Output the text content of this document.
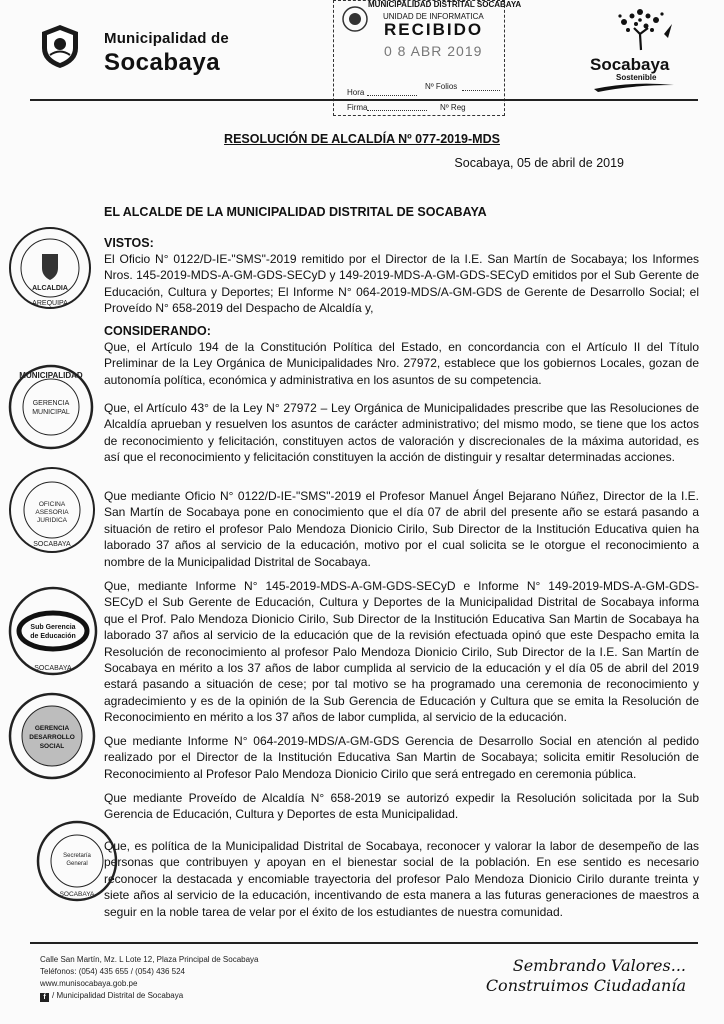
Municipalidad de
Socabaya
MUNICIPALIDAD DISTRITAL SOCABAYA
UNIDAD DE INFORMATICA
RECIBIDO
0 8 ABR 2019
Hora
Nº Folios
Firma	Nº Reg
Socabaya
Sostenible
RESOLUCIÓN DE ALCALDÍA Nº 077-2019-MDS
Socabaya, 05 de abril de 2019
EL ALCALDE DE LA MUNICIPALIDAD DISTRITAL DE SOCABAYA
VISTOS:
El Oficio N° 0122/D-IE-"SMS"-2019 remitido por el Director de la I.E. San Martín de Socabaya; los Informes Nros. 145-2019-MDS-A-GM-GDS-SECyD y 149-2019-MDS-A-GM-GDS-SECyD emitidos por el Sub Gerente de Educación, Cultura y Deportes; El Informe N° 064-2019-MDS/A-GM-GDS de Gerente de Desarrollo Social; el Proveído N° 658-2019 del Despacho de Alcaldía y,
CONSIDERANDO:
Que, el Artículo 194 de la Constitución Política del Estado, en concordancia con el Artículo II del Título Preliminar de la Ley Orgánica de Municipalidades Nro. 27972, establece que los gobiernos Locales, gozan de autonomía política, económica y administrativa en los asuntos de su competencia.
Que, el Artículo 43° de la Ley N° 27972 – Ley Orgánica de Municipalidades prescribe que las Resoluciones de Alcaldía aprueban y resuelven los asuntos de carácter administrativo; del mismo modo, se tiene que los actos de reconocimiento y felicitación, constituyen actos de valoración y discrecionales de la máxima autoridad, es así que el reconocimiento y felicitación constituyen la acción de distinguir y resaltar determinadas acciones.
Que mediante Oficio N° 0122/D-IE-"SMS"-2019 el Profesor Manuel Ángel Bejarano Núñez, Director de la I.E. San Martín de Socabaya pone en conocimiento que el día 07 de abril del presente año se estará pasando a situación de retiro el profesor Palo Mendoza Dionicio Cirilo, Sub Director de la Institución Educativa quien ha laborado 37 años al servicio de la educación, motivo por el cual solicita se le otorgue el reconocimiento a nombre de la Municipalidad Distrital de Socabaya.
Que, mediante Informe N° 145-2019-MDS-A-GM-GDS-SECyD e Informe N° 149-2019-MDS-A-GM-GDS-SECyD el Sub Gerente de Educación, Cultura y Deportes de la Municipalidad Distrital de Socabaya informa que el Prof. Palo Mendoza Dionicio Cirilo, Sub Director de la Institución Educativa San Martin de Socabaya ha laborado 37 años al servicio de la educación que de la revisión efectuada opinó que este Despacho emita la Resolución de reconocimiento al profesor Palo Mendoza Dionicio Cirilo, Sub Director de la I.E. San Martín de Socabaya en mérito a los 37 años de labor cumplida al servicio de la educación y el día 05 de abril del 2019 estará pasando a situación de cese; por tal motivo se ha programado una ceremonia de reconocimiento y agradecimiento y es de la opinión de la Sub Gerencia de Educación y Cultura que se emita la Resolución de Reconocimiento en mérito a los 37 años de labor cumplida, al servicio de la educación.
Que mediante Informe N° 064-2019-MDS/A-GM-GDS Gerencia de Desarrollo Social en atención al pedido realizado por el Director de la Institución Educativa San Martin de Socabaya; solicita emitir Resolución de Reconocimiento al Profesor Palo Mendoza Dionicio Cirilo que será entregado en ceremonia pública.
Que mediante Proveído de Alcaldía N° 658-2019 se autorizó expedir la Resolución solicitada por la Sub Gerencia de Educación, Cultura y Deportes de esta Municipalidad.
Que, es política de la Municipalidad Distrital de Socabaya, reconocer y valorar la labor de desempeño de las personas que contribuyen y apoyan en el bienestar social de la población. En ese sentido es necesario reconocer la destacada y encomiable trayectoria del profesor Palo Mendoza Dionicio Cirilo durante treinta y siete años al servicio de la educación, incentivando de esta manera a las futuras generaciones de maestros a seguir en la noble tarea de velar por el éxito de los estudiantes de nuestra comunidad.
ALCALDIA
AREQUIPA
MUNICIPALIDAD
GERENCIA
MUNICIPAL
OFICINA
ASESORIA
JURIDICA
SOCABAYA
Sub Gerencia
de Educación
SOCABAYA
GERENCIA
DESARROLLO
SOCIAL
Secretaría
General
SOCABAYA
Calle San Martín, Mz. L Lote 12, Plaza Principal de Socabaya
Teléfonos: (054) 435 655 / (054) 436 524
www.munisocabaya.gob.pe
f / Municipalidad Distrital de Socabaya
Sembrando Valores...
Construimos Ciudadanía
